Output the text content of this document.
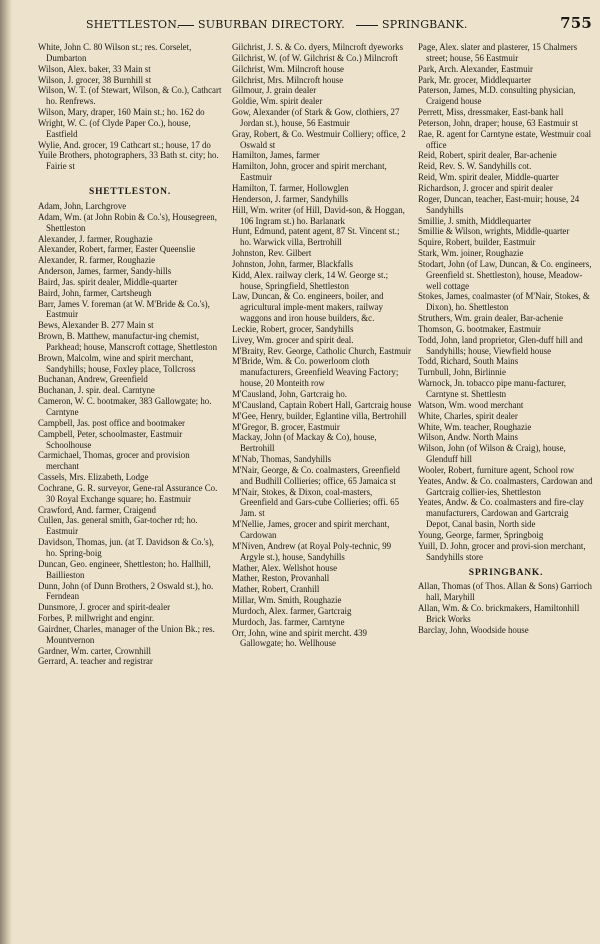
SHETTLESTON. SUBURBAN DIRECTORY.	SPRINGBANK.	755

White, John C. 80 Wilson st.; res. Corselet, Dumbarton

Wilson, Alex. baker, 33 Main st

Wilson, J. grocer, 38 Burnhill st

Wilson, W. T. (of Stewart, Wilson, & Co.), Cathcart ho. Renfrews.

Wilson, Mary, draper, 160 Main st.; ho. 162 do

Wright, W. C. (of Clyde Paper Co.), house, Eastfield

Wylie, And. grocer, 19 Cathcart st.; house, 17 do

Yuile Brothers, photographers, 33 Bath st. city; ho. Fairie st

SHETTLESTON.

Adam, John, Larchgrove

Adam, Wm. (at John Robin & Co.'s), Housegreen, Shettleston

Alexander, J. farmer, Roughazie

Alexander, Robert, farmer, Easter Queenslie

Alexander, R. farmer, Roughazie

Anderson, James, farmer, Sandy-hills

Baird, Jas. spirit dealer, Middle-quarter

Baird, John, farmer, Cartsheugh

Barr, James V. foreman (at W. M'Bride & Co.'s), Eastmuir

Bews, Alexander B. 277 Main st

Brown, B. Matthew, manufactur-ing chemist, Parkhead; house, Manscroft cottage, Shettleston

Brown, Malcolm, wine and spirit merchant, Sandyhills; house, Foxley place, Tollcross

Buchanan, Andrew, Greenfield

Buchanan, J. spir. deal. Carntyne

Cameron, W. C. bootmaker, 383 Gallowgate; ho. Carntyne

Campbell, Jas. post office and bootmaker

Campbell, Peter, schoolmaster, Eastmuir Schoolhouse

Carmichael, Thomas, grocer and provision merchant

Cassels, Mrs. Elizabeth, Lodge

Cochrane, G. R. surveyor, Gene-ral Assurance Co. 30 Royal Exchange square; ho. Eastmuir

Crawford, And. farmer, Craigend

Cullen, Jas. general smith, Gar-tocher rd; ho. Eastmuir

Davidson, Thomas, jun. (at T. Davidson & Co.'s), ho. Spring-boig

Duncan, Geo. engineer, Shettleston; ho. Hallhill, Baillieston

Dunn, John (of Dunn Brothers, 2 Oswald st.), ho. Ferndean

Dunsmore, J. grocer and spirit-dealer

Forbes, P. millwright and enginr.

Gairdner, Charles, manager of the Union Bk.; res. Mountvernon

Gardner, Wm. carter, Crownhill

Gerrard, A. teacher and registrar

Gilchrist, J. S. & Co. dyers, Milncroft dyeworks

Gilchrist, W. (of W. Gilchrist & Co.) Milncroft

Gilchrist, Wm. Milncroft house

Gilchrist, Mrs. Milncroft house

Gilmour, J. grain dealer

Goldie, Wm. spirit dealer

Gow, Alexander (of Stark & Gow, clothiers, 27 Jordan st.), house, 56 Eastmuir

Gray, Robert, & Co. Westmuir Colliery; office, 2 Oswald st

Hamilton, James, farmer

Hamilton, John, grocer and spirit merchant, Eastmuir

Hamilton, T. farmer, Hollowglen

Henderson, J. farmer, Sandyhills

Hill, Wm. writer (of Hill, David-son, & Hoggan, 106 Ingram st.) ho. Barlanark

Hunt, Edmund, patent agent, 87 St. Vincent st.; ho. Warwick villa, Bertrohill

Johnston, Rev. Gilbert

Johnston, John, farmer, Blackfalls

Kidd, Alex. railway clerk, 14 W. George st.; house, Springfield, Shettleston

Law, Duncan, & Co. engineers, boiler, and agricultural imple-ment makers, railway waggons and iron house builders, &c.

Leckie, Robert, grocer, Sandyhills

Livey, Wm. grocer and spirit deal.

M'Braity, Rev. George, Catholic Church, Eastmuir

M'Bride, Wm. & Co. powerloom cloth manufacturers, Greenfield Weaving Factory; house, 20 Monteith row

M'Causland, John, Gartcraig ho.

M'Causland, Captain Robert Hall, Gartcraig house

M'Gee, Henry, builder, Eglantine villa, Bertrohill

M'Gregor, B. grocer, Eastmuir

Mackay, John (of Mackay & Co), house, Bertrohill

M'Nab, Thomas, Sandyhills

M'Nair, George, & Co. coalmasters, Greenfield and Budhill Collieries; office, 65 Jamaica st

M'Nair, Stokes, & Dixon, coal-masters, Greenfield and Gars-cube Collieries; offi. 65 Jam. st

M'Nellie, James, grocer and spirit merchant, Cardowan

M'Niven, Andrew (at Royal Poly-technic, 99 Argyle st.), house, Sandyhills

Mather, Alex. Wellshot house

Mather, Reston, Provanhall

Mather, Robert, Cranhill

Millar, Wm. Smith, Roughazie

Murdoch, Alex. farmer, Gartcraig

Murdoch, Jas. farmer, Carntyne

Orr, John, wine and spirit mercht. 439 Gallowgate; ho. Wellhouse

Page, Alex. slater and plasterer, 15 Chalmers street; house, 56 Eastmuir

Park, Arch. Alexander, Eastmuir

Park, Mr. grocer, Middlequarter

Paterson, James, M.D. consulting physician, Craigend house

Perrett, Miss, dressmaker, East-bank hall

Peterson, John, draper; house, 63 Eastmuir st

Rae, R. agent for Carntyne estate, Westmuir coal office

Reid, Robert, spirit dealer, Bar-achenie

Reid, Rev. S. W. Sandyhills cot.

Reid, Wm. spirit dealer, Middle-quarter

Richardson, J. grocer and spirit dealer

Roger, Duncan, teacher, East-muir; house, 24 Sandyhills

Smillie, J. smith, Middlequarter

Smillie & Wilson, wrights, Middle-quarter

Squire, Robert, builder, Eastmuir

Stark, Wm. joiner, Roughazie

Stodart, John (of Law, Duncan, & Co. engineers, Greenfield st. Shettleston), house, Meadow-well cottage

Stokes, James, coalmaster (of M'Nair, Stokes, & Dixon), ho. Shettleston

Struthers, Wm. grain dealer, Bar-achenie

Thomson, G. bootmaker, Eastmuir

Todd, John, land proprietor, Glen-duff hill and Sandyhills; house, Viewfield house

Todd, Richard, South Mains

Turnbull, John, Birlinnie

Warnock, Jn. tobacco pipe manu-facturer, Carntyne st. Shettlestn

Watson, Wm. wood merchant

White, Charles, spirit dealer

White, Wm. teacher, Roughazie

Wilson, Andw. North Mains

Wilson, John (of Wilson & Craig), house, Glenduff hill

Wooler, Robert, furniture agent, School row

Yeates, Andw. & Co. coalmasters, Cardowan and Gartcraig collier-ies, Shettleston

Yeates, Andw. & Co. coalmasters and fire-clay manufacturers, Cardowan and Gartcraig Depot, Canal basin, North side

Young, George, farmer, Springboig

Yuill, D. John, grocer and provi-sion merchant, Sandyhills store

SPRINGBANK.

Allan, Thomas (of Thos. Allan & Sons) Garrioch hall, Maryhill

Allan, Wm. & Co. brickmakers, Hamiltonhill Brick Works

Barclay, John, Woodside house
